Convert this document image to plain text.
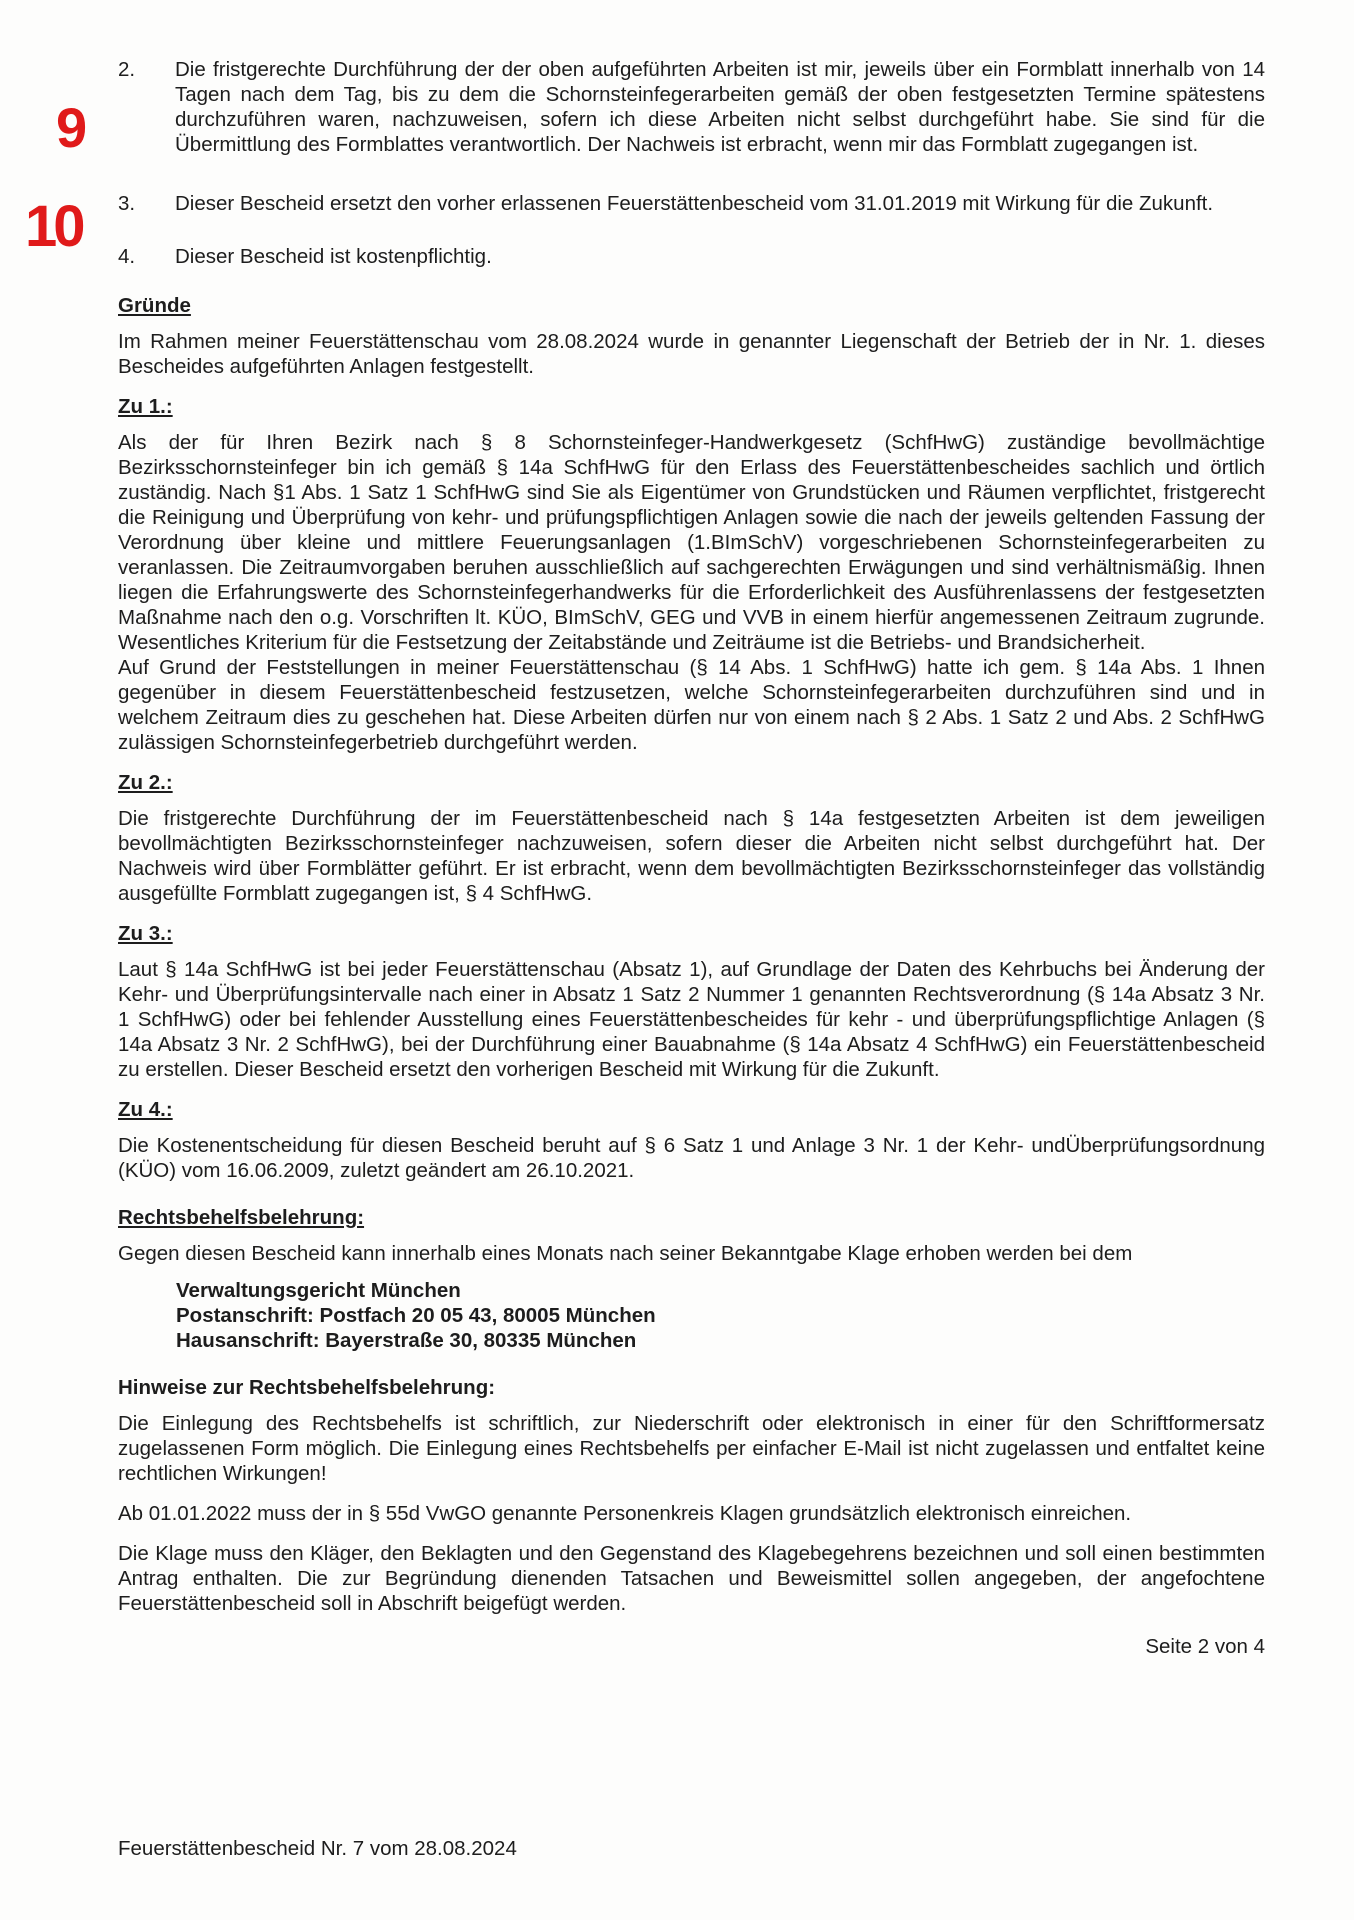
9
10
2.	Die fristgerechte Durchführung der der oben aufgeführten Arbeiten ist mir, jeweils über ein Formblatt innerhalb von 14 Tagen nach dem Tag, bis zu dem die Schornsteinfegerarbeiten gemäß der oben festgesetzten Termine spätestens durchzuführen waren, nachzuweisen, sofern ich diese Arbeiten nicht selbst durchgeführt habe. Sie sind für die Übermittlung des Formblattes verantwortlich. Der Nachweis ist erbracht, wenn mir das Formblatt zugegangen ist.

3.	Dieser Bescheid ersetzt den vorher erlassenen Feuerstättenbescheid vom 31.01.2019 mit Wirkung für die Zukunft.

4.	Dieser Bescheid ist kostenpflichtig.

Gründe

Im Rahmen meiner Feuerstättenschau vom 28.08.2024 wurde in genannter Liegenschaft der Betrieb der in Nr. 1. dieses Bescheides aufgeführten Anlagen festgestellt.

Zu 1.:

Als der für Ihren Bezirk nach § 8 Schornsteinfeger-Handwerkgesetz (SchfHwG) zuständige bevollmächtige Bezirksschornsteinfeger bin ich gemäß § 14a SchfHwG für den Erlass des Feuerstättenbescheides sachlich und örtlich zuständig. Nach §1 Abs. 1 Satz 1 SchfHwG sind Sie als Eigentümer von Grundstücken und Räumen verpflichtet, fristgerecht die Reinigung und Überprüfung von kehr- und prüfungspflichtigen Anlagen sowie die nach der jeweils geltenden Fassung der Verordnung über kleine und mittlere Feuerungsanlagen (1.BImSchV) vorgeschriebenen Schornsteinfegerarbeiten zu veranlassen. Die Zeitraumvorgaben beruhen ausschließlich auf sachgerechten Erwägungen und sind verhältnismäßig. Ihnen liegen die Erfahrungswerte des Schornsteinfegerhandwerks für die Erforderlichkeit des Ausführenlassens der festgesetzten Maßnahme nach den o.g. Vorschriften lt. KÜO, BImSchV, GEG und VVB in einem hierfür angemessenen Zeitraum zugrunde. Wesentliches Kriterium für die Festsetzung der Zeitabstände und Zeiträume ist die Betriebs- und Brandsicherheit.

Auf Grund der Feststellungen in meiner Feuerstättenschau (§ 14 Abs. 1 SchfHwG) hatte ich gem. § 14a Abs. 1 Ihnen gegenüber in diesem Feuerstättenbescheid festzusetzen, welche Schornsteinfegerarbeiten durchzuführen sind und in welchem Zeitraum dies zu geschehen hat. Diese Arbeiten dürfen nur von einem nach § 2 Abs. 1 Satz 2 und Abs. 2 SchfHwG zulässigen Schornsteinfegerbetrieb durchgeführt werden.

Zu 2.:

Die fristgerechte Durchführung der im Feuerstättenbescheid nach § 14a festgesetzten Arbeiten ist dem jeweiligen bevollmächtigten Bezirksschornsteinfeger nachzuweisen, sofern dieser die Arbeiten nicht selbst durchgeführt hat. Der Nachweis wird über Formblätter geführt. Er ist erbracht, wenn dem bevollmächtigten Bezirksschornsteinfeger das vollständig ausgefüllte Formblatt zugegangen ist, § 4 SchfHwG.

Zu 3.:

Laut § 14a SchfHwG ist bei jeder Feuerstättenschau (Absatz 1), auf Grundlage der Daten des Kehrbuchs bei Änderung der Kehr- und Überprüfungsintervalle nach einer in Absatz 1 Satz 2 Nummer 1 genannten Rechtsverordnung (§ 14a Absatz 3 Nr. 1 SchfHwG) oder bei fehlender Ausstellung eines Feuerstättenbescheides für kehr - und überprüfungspflichtige Anlagen (§ 14a Absatz 3 Nr. 2 SchfHwG), bei der Durchführung einer Bauabnahme (§ 14a Absatz 4 SchfHwG) ein Feuerstättenbescheid zu erstellen. Dieser Bescheid ersetzt den vorherigen Bescheid mit Wirkung für die Zukunft.

Zu 4.:

Die Kostenentscheidung für diesen Bescheid beruht auf § 6 Satz 1 und Anlage 3 Nr. 1 der Kehr- undÜberprüfungsordnung (KÜO) vom 16.06.2009, zuletzt geändert am 26.10.2021.

Rechtsbehelfsbelehrung:

Gegen diesen Bescheid kann innerhalb eines Monats nach seiner Bekanntgabe Klage erhoben werden bei dem

Verwaltungsgericht München

Postanschrift: Postfach 20 05 43, 80005 München

Hausanschrift: Bayerstraße 30, 80335 München

Hinweise zur Rechtsbehelfsbelehrung:

Die Einlegung des Rechtsbehelfs ist schriftlich, zur Niederschrift oder elektronisch in einer für den Schriftformersatz zugelassenen Form möglich. Die Einlegung eines Rechtsbehelfs per einfacher E-Mail ist nicht zugelassen und entfaltet keine rechtlichen Wirkungen!

Ab 01.01.2022 muss der in § 55d VwGO genannte Personenkreis Klagen grundsätzlich elektronisch einreichen.

Die Klage muss den Kläger, den Beklagten und den Gegenstand des Klagebegehrens bezeichnen und soll einen bestimmten Antrag enthalten. Die zur Begründung dienenden Tatsachen und Beweismittel sollen angegeben, der angefochtene Feuerstättenbescheid soll in Abschrift beigefügt werden.

Seite 2 von 4

Feuerstättenbescheid Nr. 7 vom 28.08.2024
